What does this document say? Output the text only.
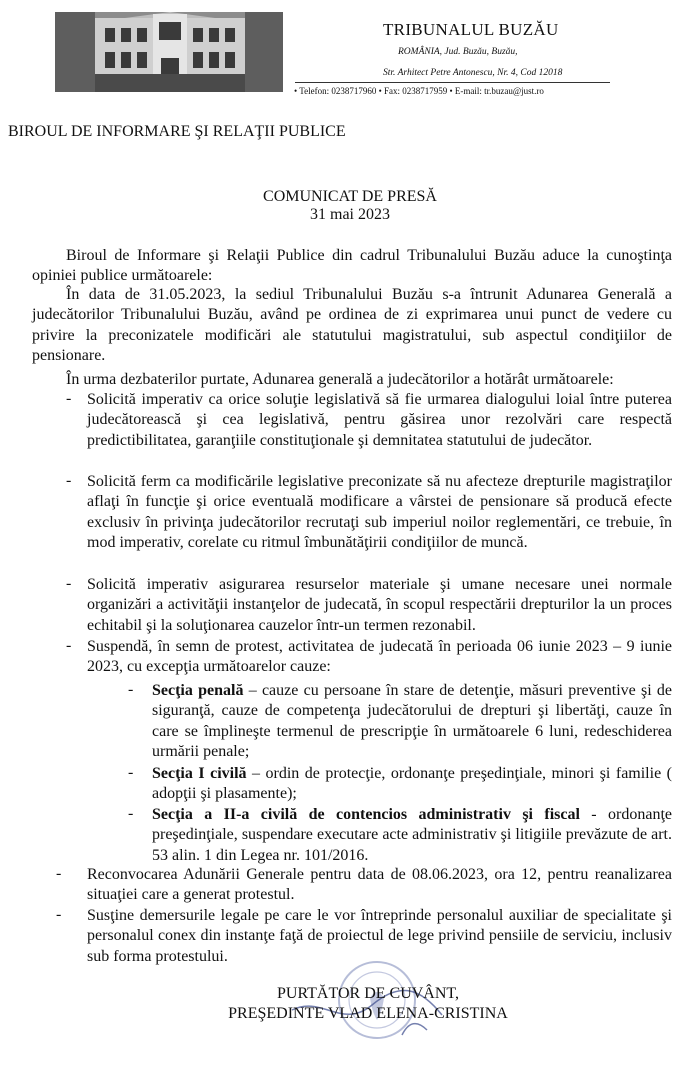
TRIBUNALUL BUZĂU
ROMÂNIA, Jud. Buzău, Buzău,
Str. Arhitect Petre Antonescu, Nr. 4, Cod 12018
• Telefon: 0238717960 • Fax: 0238717959 • E-mail: tr.buzau@just.ro
BIROUL DE INFORMARE ŞI RELAŢII PUBLICE
COMUNICAT DE PRESĂ
31 mai 2023
Biroul de Informare şi Relaţii Publice din cadrul Tribunalului Buzău aduce la cunoştinţa opiniei publice următoarele:
În data de 31.05.2023, la sediul Tribunalului Buzău s-a întrunit Adunarea Generală a judecătorilor Tribunalului Buzău, având pe ordinea de zi exprimarea unui punct de vedere cu privire la preconizatele modificări ale statutului magistratului, sub aspectul condiţiilor de pensionare.
În urma dezbaterilor purtate, Adunarea generală a judecătorilor a hotărât următoarele:
- Solicită imperativ ca orice soluţie legislativă să fie urmarea dialogului loial între puterea judecătorească şi cea legislativă, pentru găsirea unor rezolvări care respectă predictibilitatea, garanţiile constituţionale şi demnitatea statutului de judecător.
- Solicită ferm ca modificările legislative preconizate să nu afecteze drepturile magistraţilor aflaţi în funcţie şi orice eventuală modificare a vârstei de pensionare să producă efecte exclusiv în privinţa judecătorilor recrutaţi sub imperiul noilor reglementări, ce trebuie, în mod imperativ, corelate cu ritmul îmbunătăţirii condiţiilor de muncă.
- Solicită imperativ asigurarea resurselor materiale şi umane necesare unei normale organizări a activităţii instanţelor de judecată, în scopul respectării drepturilor la un proces echitabil şi la soluţionarea cauzelor într-un termen rezonabil.
- Suspendă, în semn de protest, activitatea de judecată în perioada 06 iunie 2023 – 9 iunie 2023, cu excepţia următoarelor cauze:
- Secţia penală – cauze cu persoane în stare de detenţie, măsuri preventive şi de siguranţă, cauze de competenţa judecătorului de drepturi şi libertăţi, cauze în care se împlineşte termenul de prescripţie în următoarele 6 luni, redeschiderea urmării penale;
- Secţia I civilă – ordin de protecţie, ordonanţe preşedinţiale, minori şi familie ( adopţii şi plasamente);
- Secţia a II-a civilă de contencios administrativ şi fiscal - ordonanţe preşedinţiale, suspendare executare acte administrativ şi litigiile prevăzute de art. 53 alin. 1 din Legea nr. 101/2016.
- Reconvocarea Adunării Generale pentru data de 08.06.2023, ora 12, pentru reanalizarea situaţiei care a generat protestul.
- Susţine demersurile legale pe care le vor întreprinde personalul auxiliar de specialitate şi personalul conex din instanţe faţă de proiectul de lege privind pensiile de serviciu, inclusiv sub forma protestului.
PURTĂTOR DE CUVÂNT,
PREŞEDINTE VLAD ELENA-CRISTINA
